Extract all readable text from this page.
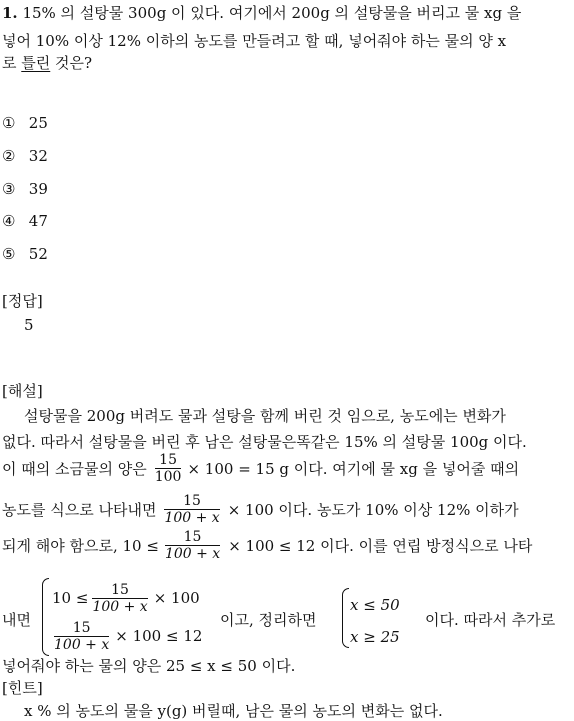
1. 15% 의 설탕물 300g 이 있다. 여기에서 200g 의 설탕물을 버리고 물 xg 을
넣어 10% 이상 12% 이하의 농도를 만들려고 할 때, 넣어줘야 하는 물의 양 x
로 틀린 것은?
① 25
② 32
③ 39
④ 47
⑤ 52
[정답]
5
[해설]
설탕물을 200g 버려도 물과 설탕을 함께 버린 것 임으로, 농도에는 변화가
없다. 따라서 설탕물을 버린 후 남은 설탕물은똑같은 15% 의 설탕물 100g 이다.
이 때의 소금물의 양은 $\frac{15}{100} \times 100 = 15$ g 이다. 여기에 물 xg 을 넣어줄 때의
농도를 식으로 나타내면 $\frac{15}{100 + x} \times 100$ 이다. 농도가 10% 이상 12% 이하가
되게 해야 함으로, $10 \le \frac{15}{100 + x} \times 100 \le 12$ 이다. 이를 연립 방정식으로 나타
내면
$10 \le \frac{15}{100 + x} \times 100$
$\frac{15}{100 + x} \times 100 \le 12$
이고, 정리하면
x ≤ 50
x ≥ 25
이다. 따라서 추가로
넣어줘야 하는 물의 양은 25 ≤ x ≤ 50 이다.
[힌트]
x % 의 농도의 물을 y(g) 버릴때, 남은 물의 농도의 변화는 없다.
